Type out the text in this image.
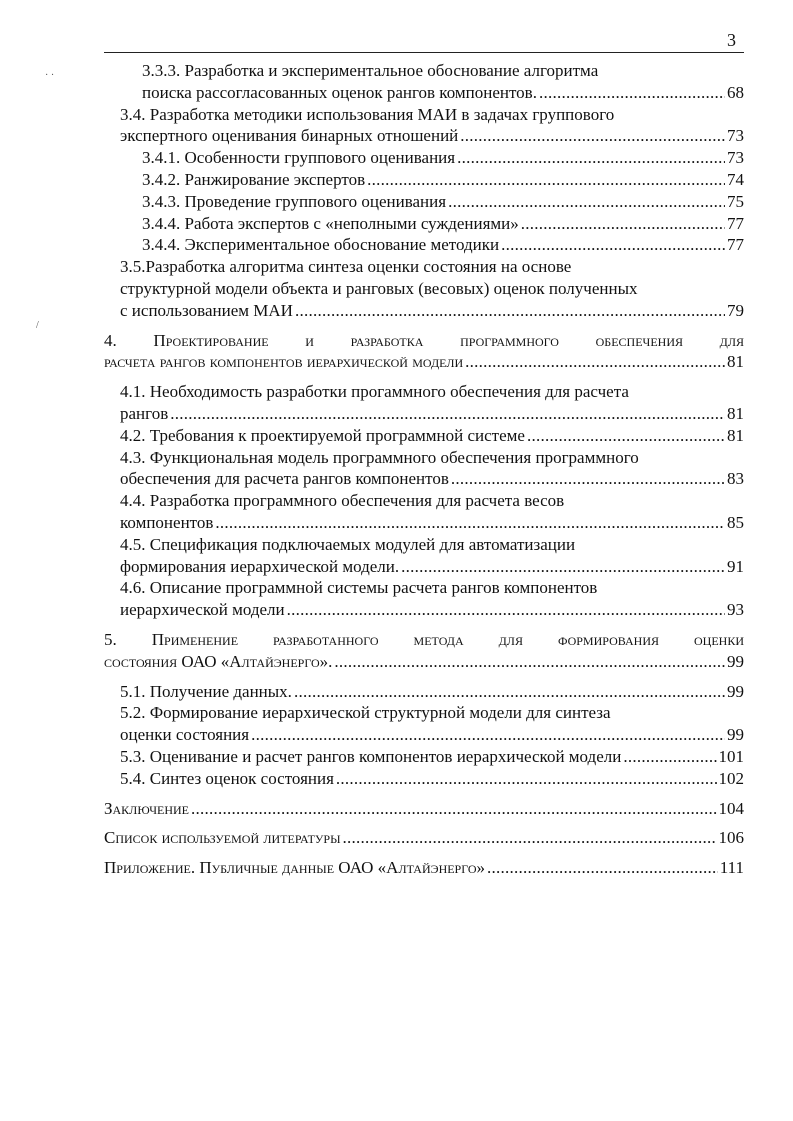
3
· ·
/
3.3.3. Разработка и экспериментальное обоснование алгоритма
поиска рассогласованных оценок рангов компонентов. . . .	68
3.4. Разработка методики использования МАИ в задачах группового
экспертного оценивания бинарных отношений . . .	73
3.4.1. Особенности группового оценивания . . .	73
3.4.2. Ранжирование экспертов . . .	74
3.4.3. Проведение группового оценивания . . .	75
3.4.4. Работа экспертов с «неполными суждениями» . . .	77
3.4.4. Экспериментальное обоснование методики . . .	77
3.5.Разработка алгоритма синтеза оценки состояния на основе
структурной модели объекта и ранговых (весовых) оценок полученных
с использованием МАИ . . .	79
4. Проектирование и разработка программного обеспечения для
расчета рангов компонентов иерархической модели . . .	81
4.1. Необходимость разработки прогаммного обеспечения для расчета
рангов . . .	81
4.2. Требования к проектируемой программной системе . . .	81
4.3. Функциональная модель программного обеспечения программного
обеспечения для расчета рангов компонентов . . .	83
4.4. Разработка программного обеспечения для расчета весов
компонентов . . .	85
4.5. Спецификация подключаемых модулей для автоматизации
формирования иерархической модели. . . .	91
4.6. Описание программной системы расчета рангов компонентов
иерархической модели . . .	93
5. Применение разработанного метода для формирования оценки
состояния ОАО «Алтайэнерго». . . .	99
5.1. Получение данных. . . .	99
5.2. Формирование иерархической структурной модели для синтеза
оценки состояния . . .	99
5.3. Оценивание и расчет рангов компонентов иерархической модели . . .	101
5.4. Синтез оценок состояния . . .	102
Заключение . . .	104
Список используемой литературы . . .	106
Приложение. Публичные данные ОАО «Алтайэнерго» . . .	111
